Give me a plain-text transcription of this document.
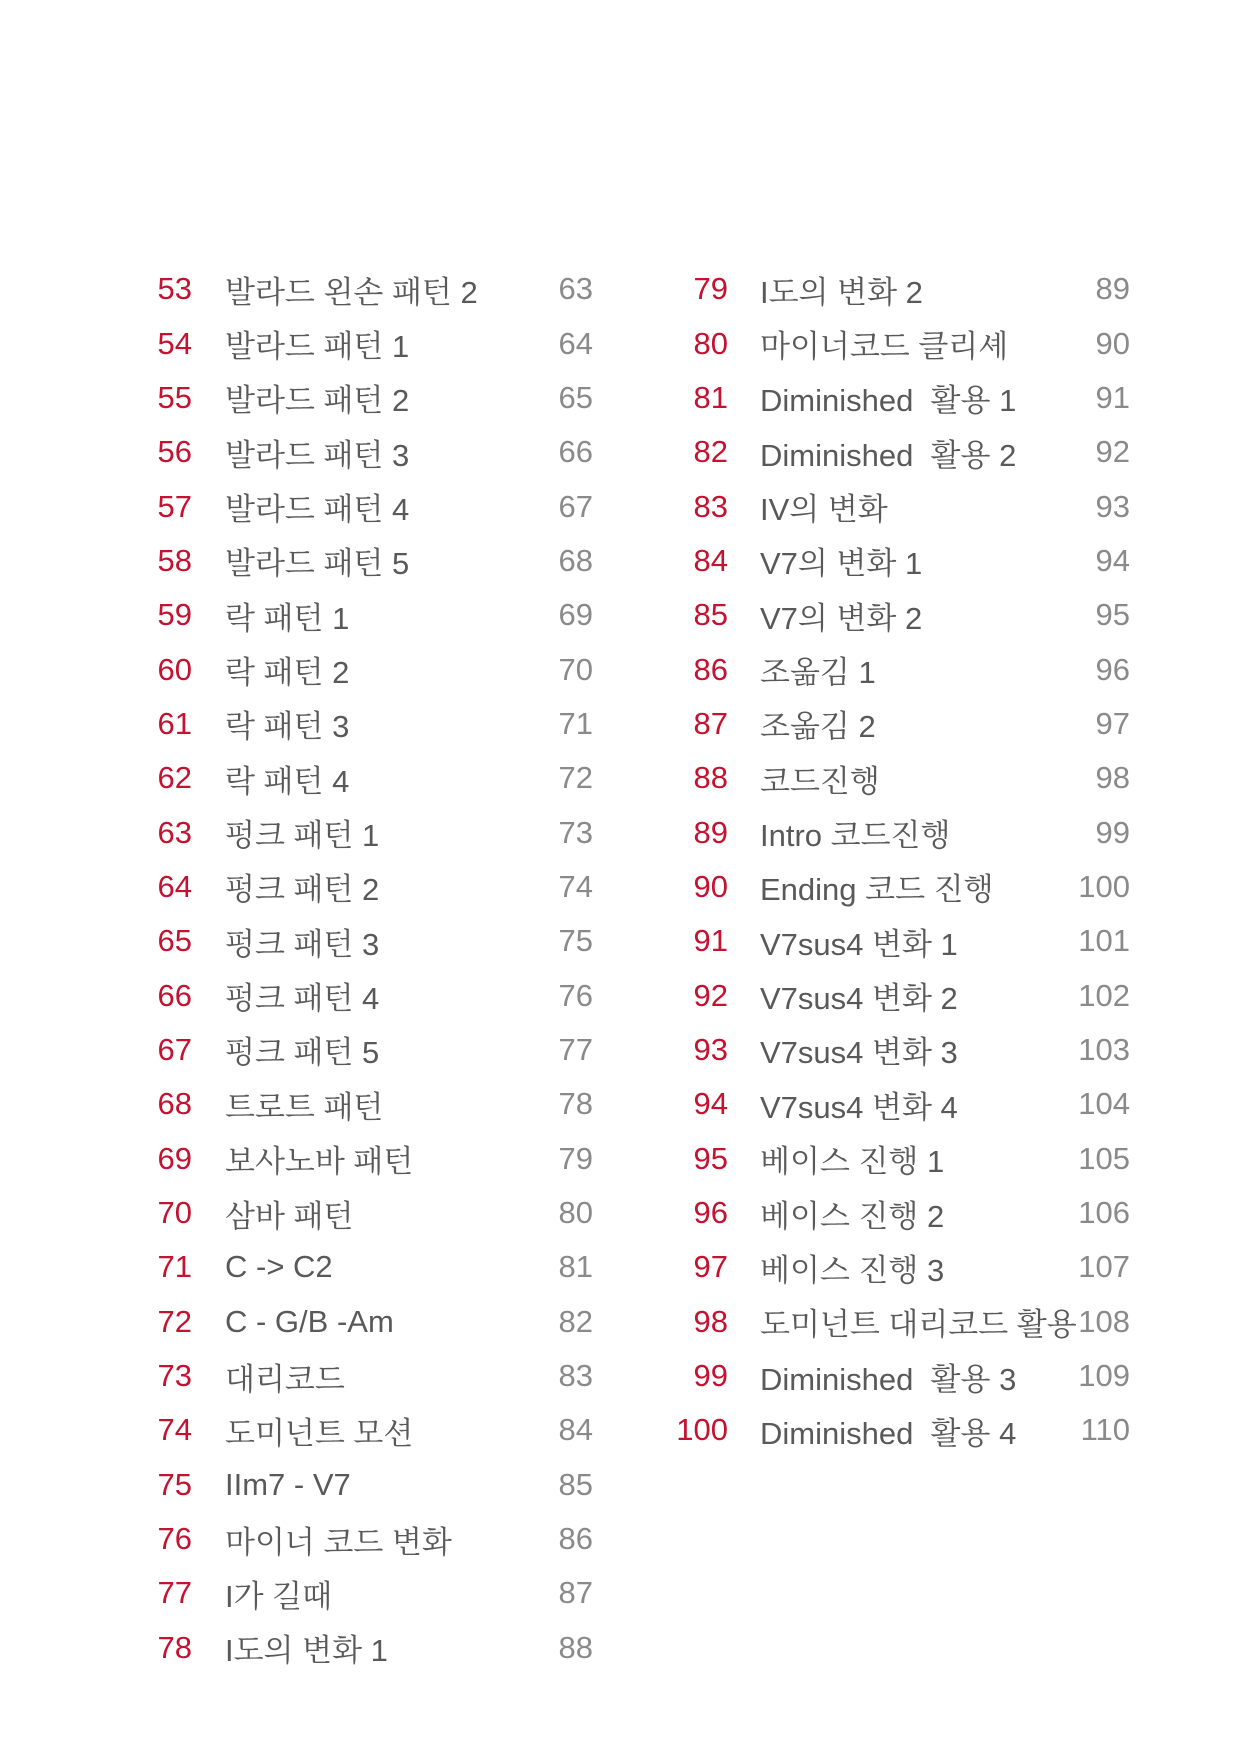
53 발라드 왼손 패턴 2	63
54 발라드 패턴 1	64
55 발라드 패턴 2	65
56 발라드 패턴 3	66
57 발라드 패턴 4	67
58 발라드 패턴 5	68
59 락 패턴 1	69
60 락 패턴 2	70
61 락 패턴 3	71
62 락 패턴 4	72
63 펑크 패턴 1	73
64 펑크 패턴 2	74
65 펑크 패턴 3	75
66 펑크 패턴 4	76
67 펑크 패턴 5	77
68 트로트 패턴	78
69 보사노바 패턴	79
70 삼바 패턴	80
71 C -> C2	81
72 C - G/B -Am	82
73 대리코드	83
74 도미넌트 모션	84
75 IIm7 - V7	85
76 마이너 코드 변화	86
77 I가 길때	87
78 I도의 변화 1	88
79 I도의 변화 2	89
80 마이너코드 클리셰	90
81 Diminished  활용 1	91
82 Diminished  활용 2	92
83 IV의 변화	93
84 V7의 변화 1	94
85 V7의 변화 2	95
86 조옮김 1	96
87 조옮김 2	97
88 코드진행	98
89 Intro 코드진행	99
90 Ending 코드 진행	100
91 V7sus4 변화 1	101
92 V7sus4 변화 2	102
93 V7sus4 변화 3	103
94 V7sus4 변화 4	104
95 베이스 진행 1	105
96 베이스 진행 2	106
97 베이스 진행 3	107
98 도미넌트 대리코드 활용 108
99 Diminished  활용 3 109
100 Diminished  활용 4 110
